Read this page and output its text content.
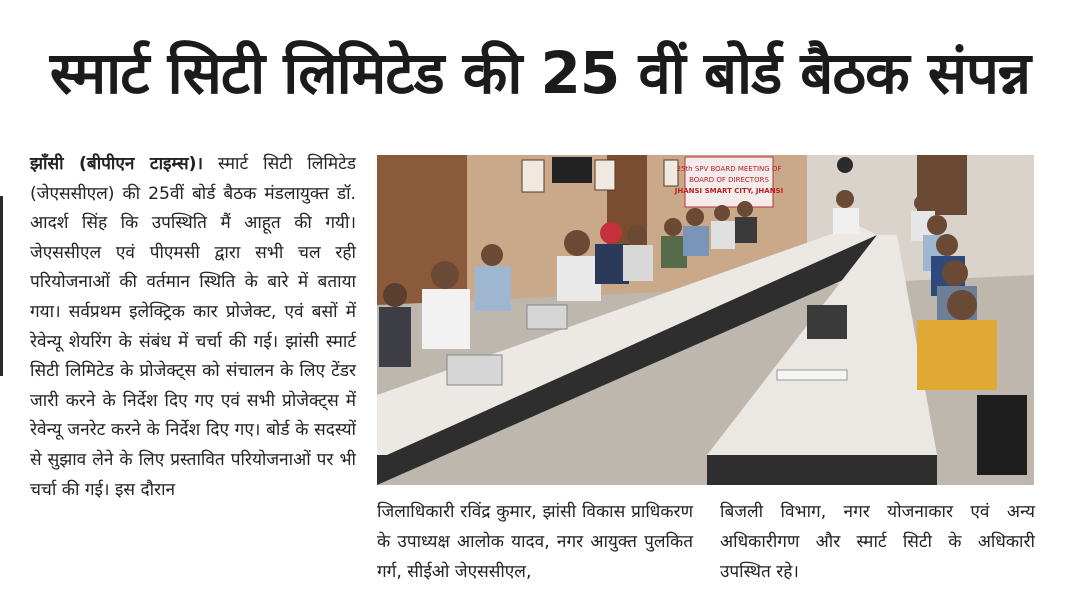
स्मार्ट सिटी लिमिटेड की 25 वीं बोर्ड बैठक संपन्न
झाँसी (बीपीएन टाइम्स)। स्मार्ट सिटी लिमिटेड (जेएससीएल) की 25वीं बोर्ड बैठक मंडलायुक्त डॉ. आदर्श सिंह कि उपस्थिति मैं आहूत की गयी। जेएससीएल एवं पीएमसी द्वारा सभी चल रही परियोजनाओं की वर्तमान स्थिति के बारे में बताया गया। सर्वप्रथम इलेक्ट्रिक कार प्रोजेक्ट, एवं बसों में रेवेन्यू शेयरिंग के संबंध में चर्चा की गई। झांसी स्मार्ट सिटी लिमिटेड के प्रोजेक्ट्स को संचालन के लिए टेंडर जारी करने के निर्देश दिए गए एवं सभी प्रोजेक्ट्स में रेवेन्यू जनरेट करने के निर्देश दिए गए। बोर्ड के सदस्यों से सुझाव लेने के लिए प्रस्तावित परियोजनाओं पर भी चर्चा की गई। इस दौरान
25th SPV BOARD MEETING OF
BOARD OF DIRECTORS
JHANSI SMART CITY, JHANSI
जिलाधिकारी रविंद्र कुमार, झांसी विकास प्राधिकरण के उपाध्यक्ष आलोक यादव, नगर आयुक्त पुलकित गर्ग, सीईओ जेएससीएल,
बिजली विभाग, नगर योजनाकार एवं अन्य अधिकारीगण और स्मार्ट सिटी के अधिकारी उपस्थित रहे।
